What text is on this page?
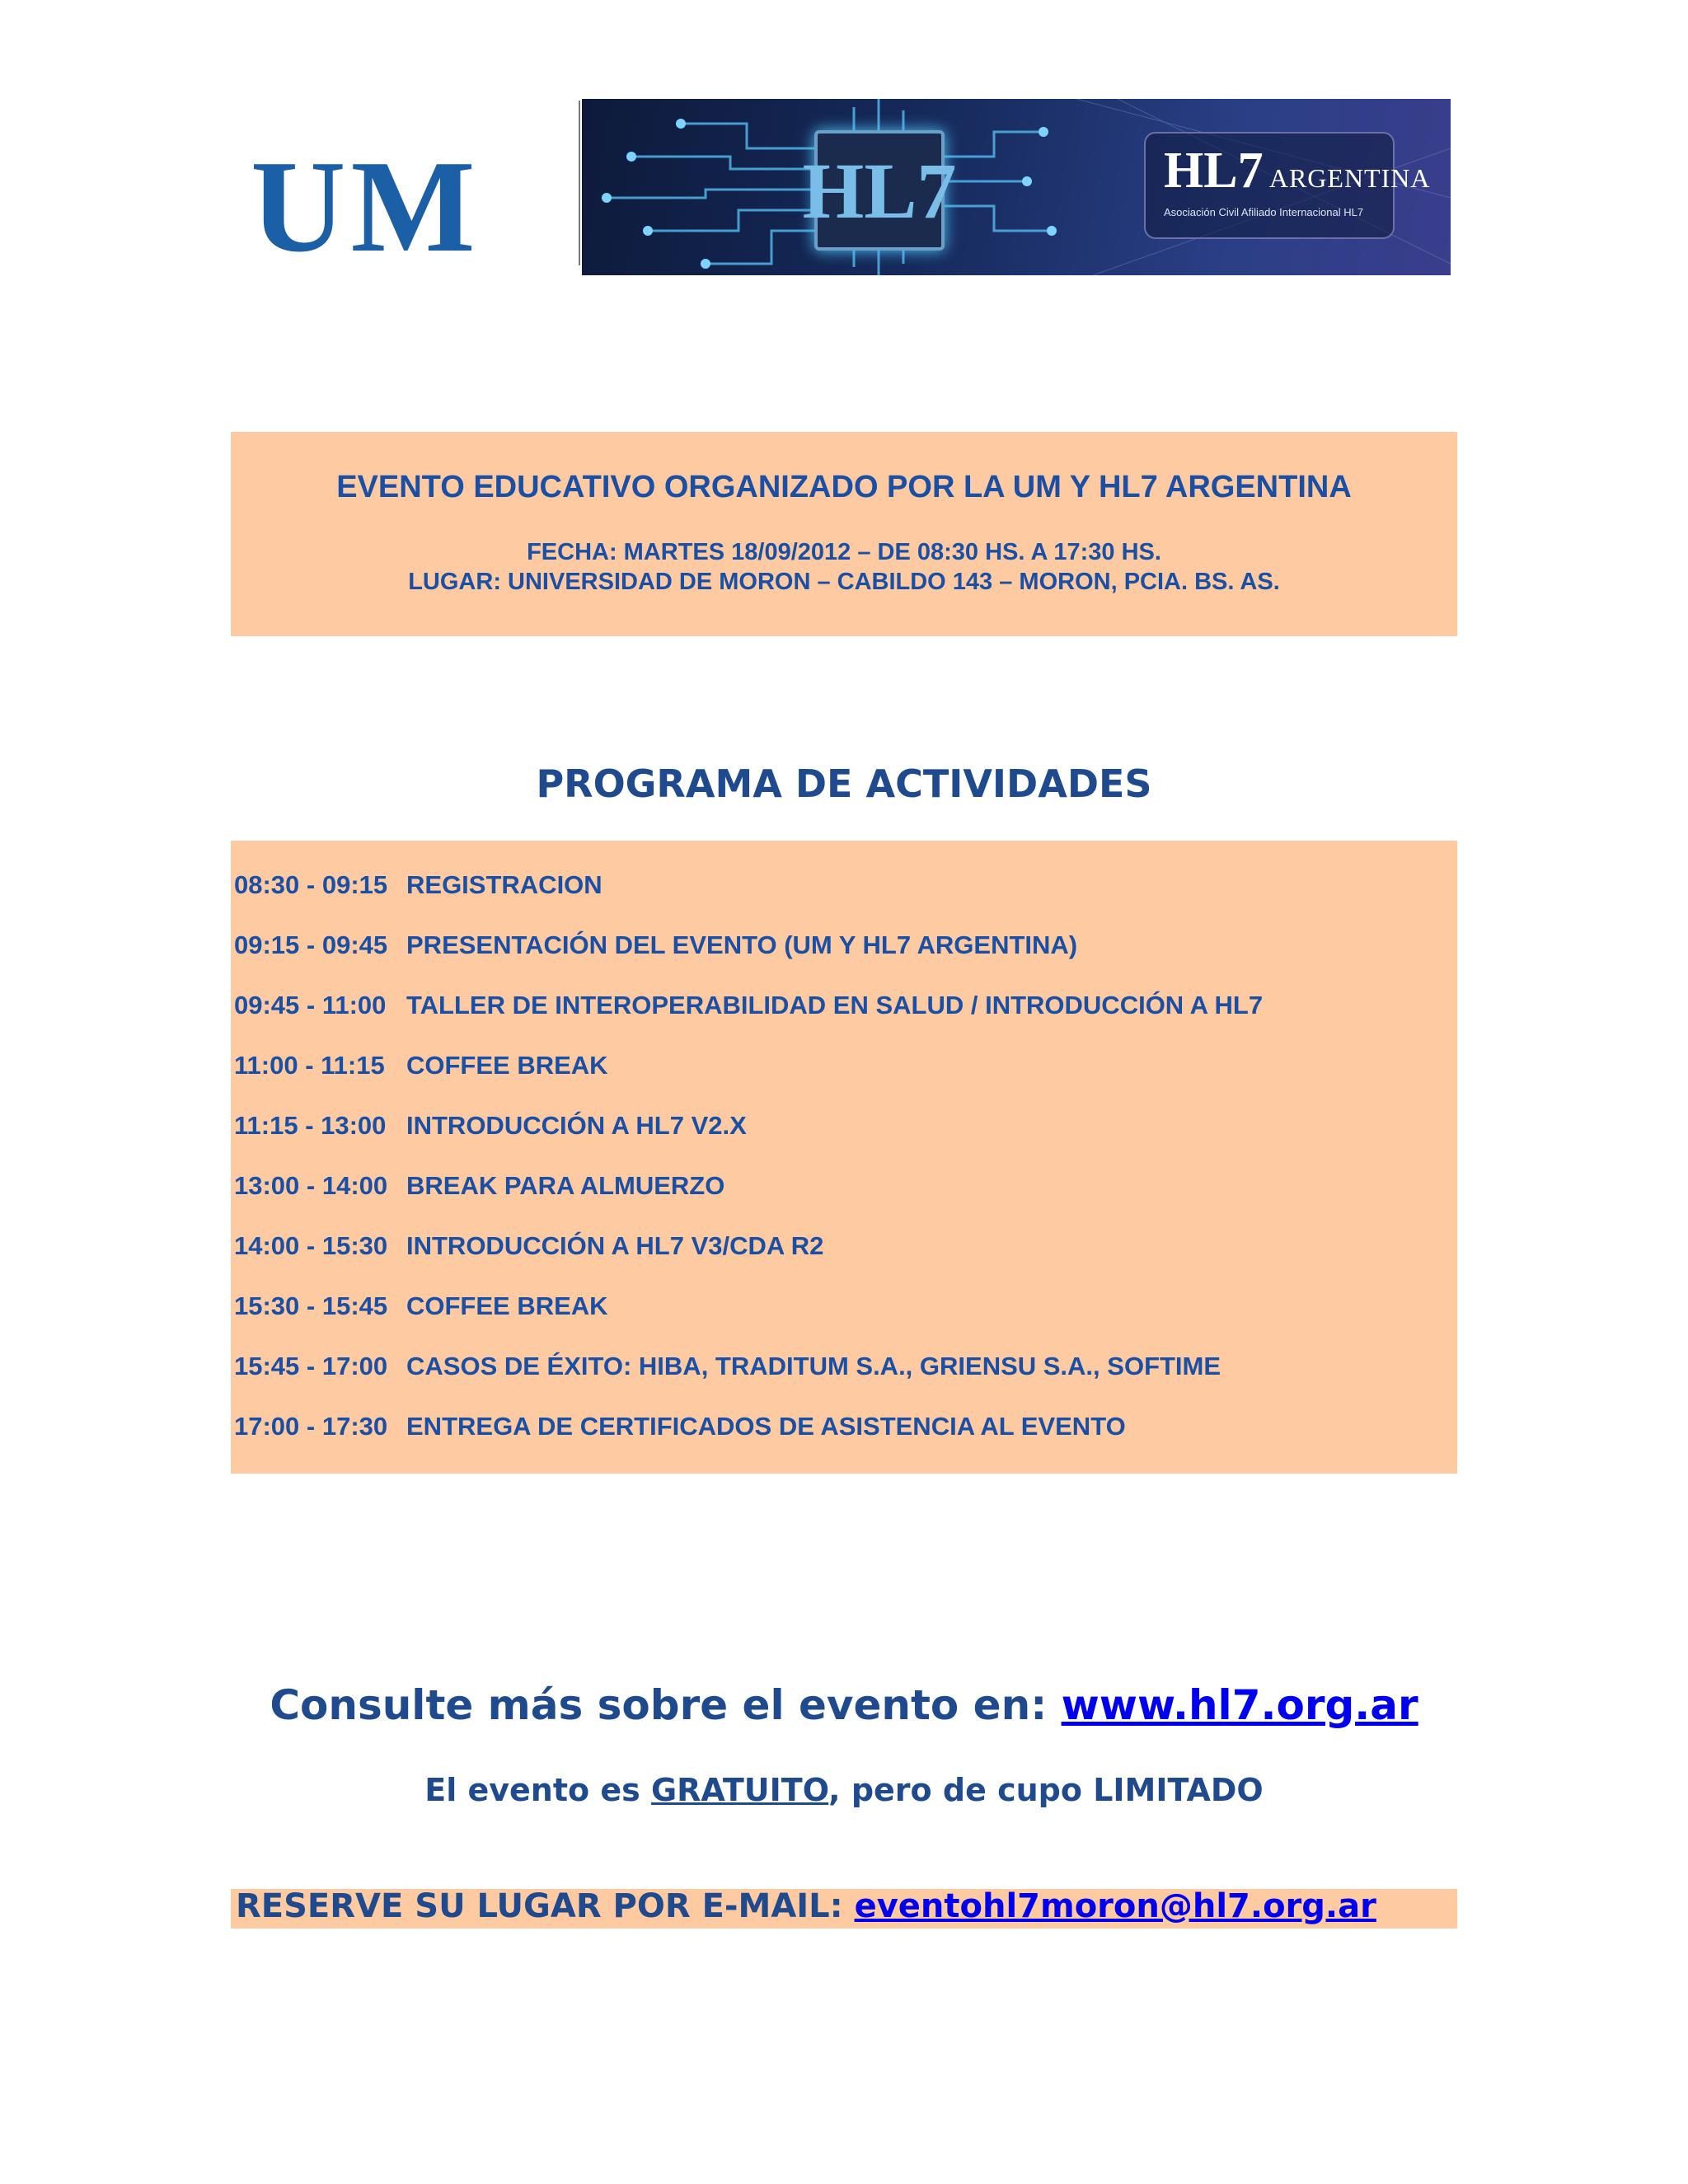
UM	HL7	HL7 ARGENTINA
Asociación Civil Afiliado Internacional HL7
EVENTO EDUCATIVO ORGANIZADO POR LA UM Y HL7 ARGENTINA
FECHA: MARTES 18/09/2012 – DE 08:30 HS. A 17:30 HS.
LUGAR: UNIVERSIDAD DE MORON – CABILDO 143 – MORON, PCIA. BS. AS.
PROGRAMA DE ACTIVIDADES
08:30 - 09:15 REGISTRACION
09:15 - 09:45 PRESENTACIÓN DEL EVENTO (UM Y HL7 ARGENTINA)
09:45 - 11:00 TALLER DE INTEROPERABILIDAD EN SALUD / INTRODUCCIÓN A HL7
11:00 - 11:15 COFFEE BREAK
11:15 - 13:00 INTRODUCCIÓN A HL7 V2.X
13:00 - 14:00 BREAK PARA ALMUERZO
14:00 - 15:30 INTRODUCCIÓN A HL7 V3/CDA R2
15:30 - 15:45 COFFEE BREAK
15:45 - 17:00 CASOS DE ÉXITO: HIBA, TRADITUM S.A., GRIENSU S.A., SOFTIME
17:00 - 17:30 ENTREGA DE CERTIFICADOS DE ASISTENCIA AL EVENTO
Consulte más sobre el evento en: www.hl7.org.ar
El evento es GRATUITO, pero de cupo LIMITADO
RESERVE SU LUGAR POR E-MAIL: eventohl7moron@hl7.org.ar
